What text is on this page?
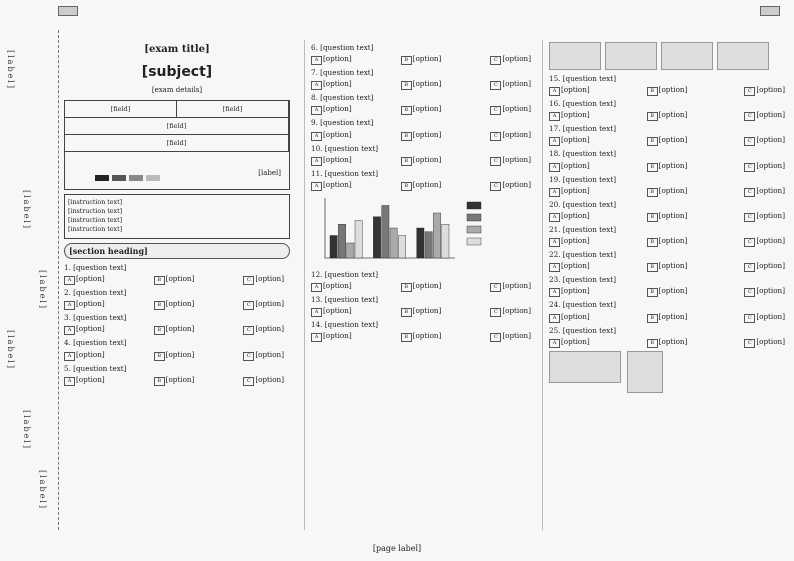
[label]
[label]
[label]
[label]
[label]
[label]
[exam title]
[subject]
[exam details]
[field]	[field]
[field]
[field]
[label]
[instruction text]
[instruction text]
[instruction text]
[instruction text]
[section heading]
1. [question text]
A [option]	B [option]	C [option]
2. [question text]
A [option]	B [option]	C [option]
3. [question text]
A [option]	B [option]	C [option]
4. [question text]
A [option]	B [option]	C [option]
5. [question text]
A [option]	B [option]	C [option]
6. [question text]
A [option]	B [option]	C [option]
7. [question text]
A [option]	B [option]	C [option]
8. [question text]
A [option]	B [option]	C [option]
9. [question text]
A [option]	B [option]	C [option]
10. [question text]
A [option]	B [option]	C [option]
11. [question text]
A [option]	B [option]	C [option]
12. [question text]
A [option]	B [option]	C [option]
13. [question text]
A [option]	B [option]	C [option]
14. [question text]
A [option]	B [option]	C [option]
15. [question text]
A [option]	B [option]	C [option]
16. [question text]
A [option]	B [option]	C [option]
17. [question text]
A [option]	B [option]	C [option]
18. [question text]
A [option]	B [option]	C [option]
19. [question text]
A [option]	B [option]	C [option]
20. [question text]
A [option]	B [option]	C [option]
21. [question text]
A [option]	B [option]	C [option]
22. [question text]
A [option]	B [option]	C [option]
23. [question text]
A [option]	B [option]	C [option]
24. [question text]
A [option]	B [option]	C [option]
25. [question text]
A [option]	B [option]	C [option]
[page label]
